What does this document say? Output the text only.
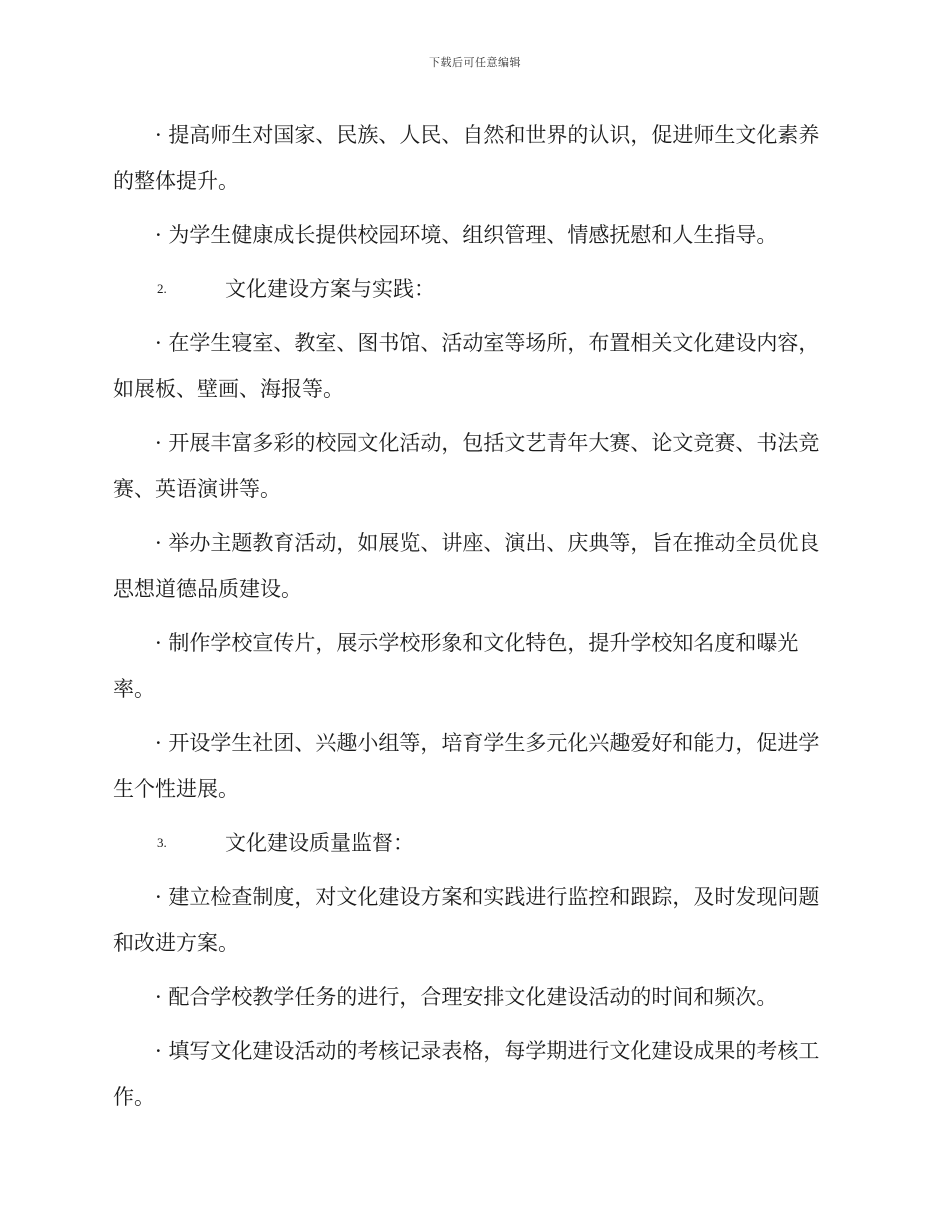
下载后可任意编辑

· 提高师生对国家、民族、人民、自然和世界的认识，促进师生文化素养的整体提升。

· 为学生健康成长提供校园环境、组织管理、情感抚慰和人生指导。

2.	文化建设方案与实践：

· 在学生寝室、教室、图书馆、活动室等场所，布置相关文化建设内容，如展板、壁画、海报等。

· 开展丰富多彩的校园文化活动，包括文艺青年大赛、论文竞赛、书法竞赛、英语演讲等。

· 举办主题教育活动，如展览、讲座、演出、庆典等，旨在推动全员优良思想道德品质建设。

· 制作学校宣传片，展示学校形象和文化特色，提升学校知名度和曝光率。

· 开设学生社团、兴趣小组等，培育学生多元化兴趣爱好和能力，促进学生个性进展。

3.	文化建设质量监督：

· 建立检查制度，对文化建设方案和实践进行监控和跟踪，及时发现问题和改进方案。

· 配合学校教学任务的进行，合理安排文化建设活动的时间和频次。

· 填写文化建设活动的考核记录表格，每学期进行文化建设成果的考核工作。
